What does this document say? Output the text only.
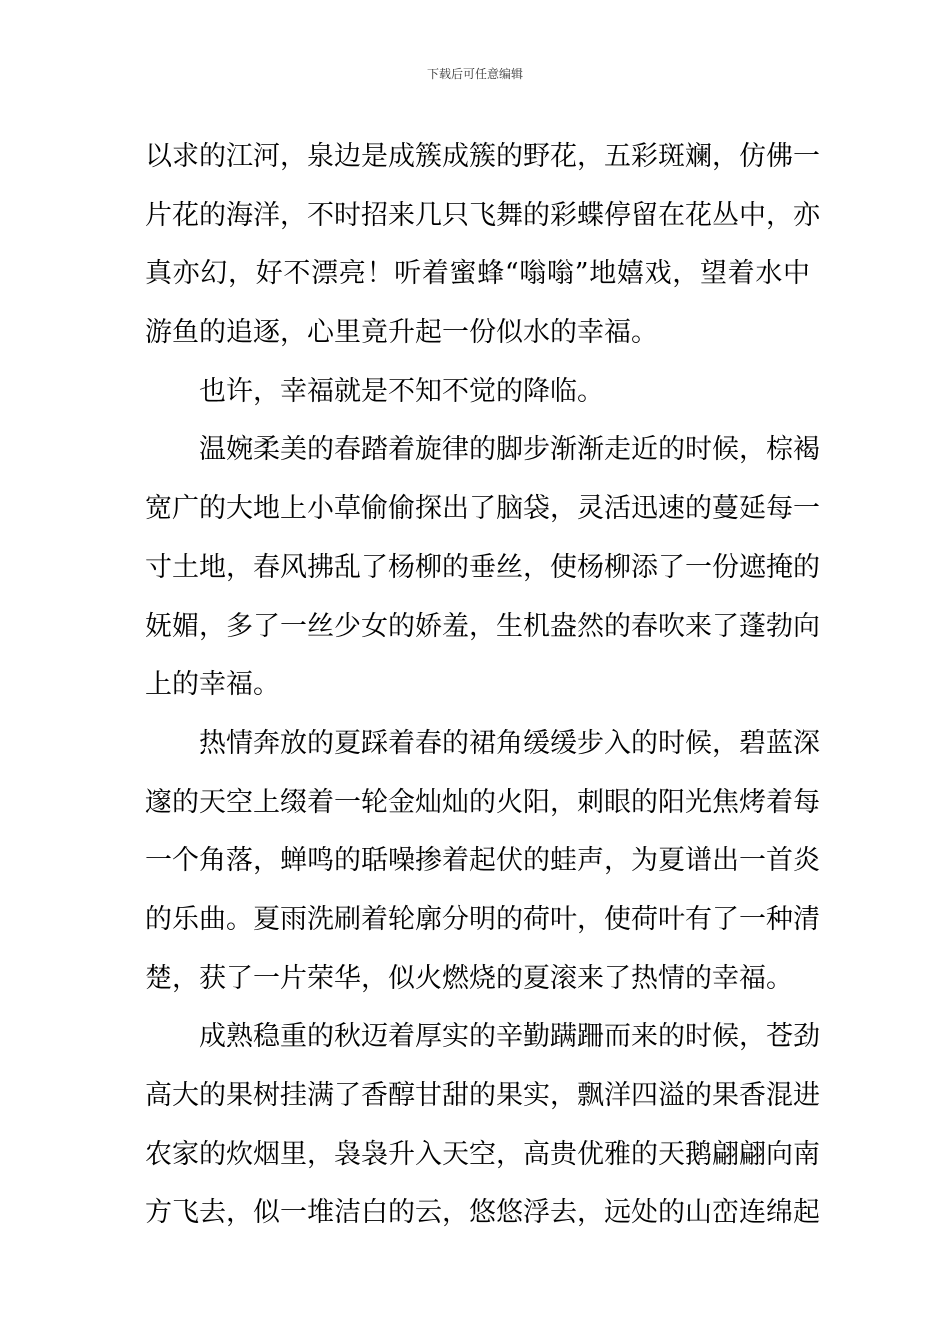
下载后可任意编辑
以求的江河，泉边是成簇成簇的野花，五彩斑斓，仿佛一
片花的海洋，不时招来几只飞舞的彩蝶停留在花丛中，亦
真亦幻，好不漂亮！听着蜜蜂“嗡嗡”地嬉戏，望着水中
游鱼的追逐，心里竟升起一份似水的幸福。
也许，幸福就是不知不觉的降临。
温婉柔美的春踏着旋律的脚步渐渐走近的时候，棕褐
宽广的大地上小草偷偷探出了脑袋，灵活迅速的蔓延每一
寸土地，春风拂乱了杨柳的垂丝，使杨柳添了一份遮掩的
妩媚，多了一丝少女的娇羞，生机盎然的春吹来了蓬勃向
上的幸福。
热情奔放的夏踩着春的裙角缓缓步入的时候，碧蓝深
邃的天空上缀着一轮金灿灿的火阳，刺眼的阳光焦烤着每
一个角落，蝉鸣的聒噪掺着起伏的蛙声，为夏谱出一首炎
的乐曲。夏雨洗刷着轮廓分明的荷叶，使荷叶有了一种清
楚，获了一片荣华，似火燃烧的夏滚来了热情的幸福。
成熟稳重的秋迈着厚实的辛勤蹒跚而来的时候，苍劲
高大的果树挂满了香醇甘甜的果实，飘洋四溢的果香混进
农家的炊烟里，袅袅升入天空，高贵优雅的天鹅翩翩向南
方飞去，似一堆洁白的云，悠悠浮去，远处的山峦连绵起
